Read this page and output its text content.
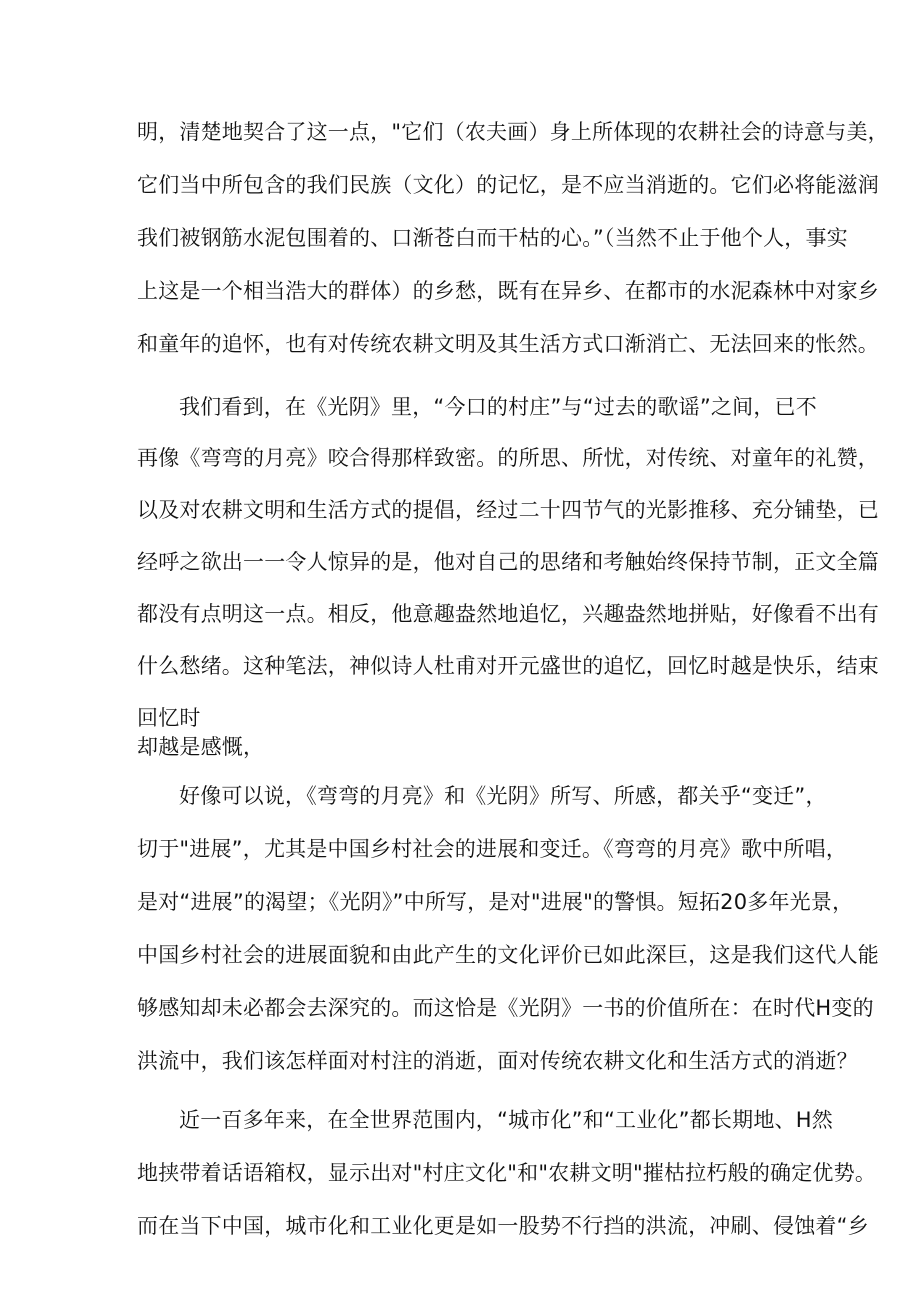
明，清楚地契合了这一点，"它们（农夫画）身上所体现的农耕社会的诗意与美，
它们当中所包含的我们民族（文化）的记忆，是不应当消逝的。它们必将能滋润
我们被钢筋水泥包围着的、口渐苍白而干枯的心。”（当然不止于他个人，事实
上这是一个相当浩大的群体）的乡愁，既有在异乡、在都市的水泥森林中对家乡
和童年的追怀，也有对传统农耕文明及其生活方式口渐消亡、无法回来的怅然。
我们看到，在《光阴》里，“今口的村庄”与“过去的歌谣”之间，已不
再像《弯弯的月亮》咬合得那样致密。的所思、所忧，对传统、对童年的礼赞，
以及对农耕文明和生活方式的提倡，经过二十四节气的光影推移、充分铺垫，已
经呼之欲出一一令人惊异的是，他对自己的思绪和考触始终保持节制，正文全篇
都没有点明这一点。相反，他意趣盎然地追忆，兴趣盎然地拼贴，好像看不出有
什么愁绪。这种笔法，神似诗人杜甫对开元盛世的追忆，回忆时越是快乐，结束
回忆时
却越是感慨，
好像可以说，《弯弯的月亮》和《光阴》所写、所感，都关乎“变迁”，
切于"进展”，尤其是中国乡村社会的进展和变迁。《弯弯的月亮》歌中所唱，
是对“进展”的渴望；《光阴》”中所写，是对"进展"的警惧。短拓20多年光景，
中国乡村社会的进展面貌和由此产生的文化评价已如此深巨，这是我们这代人能
够感知却未必都会去深究的。而这恰是《光阴》一书的价值所在：在时代H变的
洪流中，我们该怎样面对村注的消逝，面对传统农耕文化和生活方式的消逝？
近一百多年来，在全世界范围内，“城市化”和“工业化”都长期地、H然
地挟带着话语箱权，显示出对"村庄文化"和"农耕文明"摧枯拉朽般的确定优势。
而在当下中国，城市化和工业化更是如一股势不行挡的洪流，冲刷、侵蚀着“乡
